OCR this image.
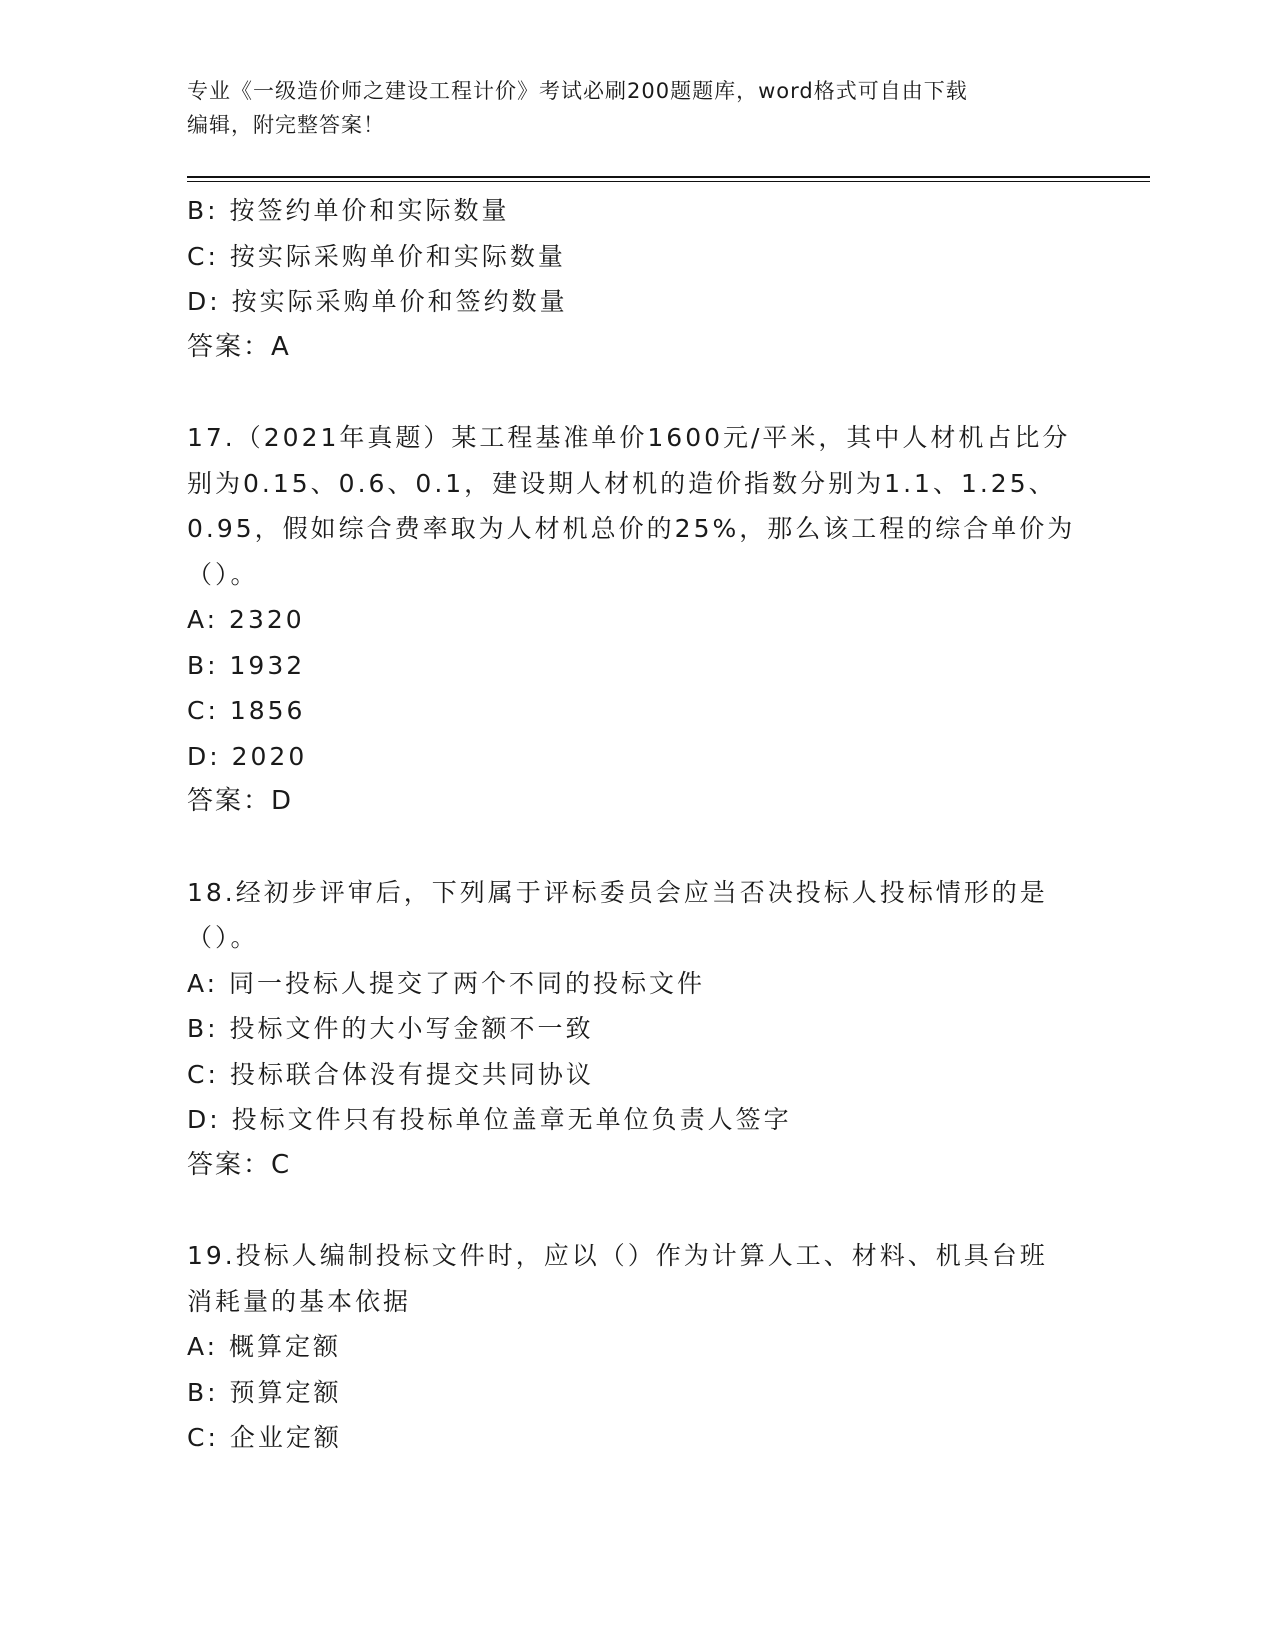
专业《一级造价师之建设工程计价》考试必刷200题题库，word格式可自由下载
编辑，附完整答案！
B: 按签约单价和实际数量
C: 按实际采购单价和实际数量
D: 按实际采购单价和签约数量
答案：A
17.（2021年真题）某工程基准单价1600元/平米，其中人材机占比分
别为0.15、0.6、0.1，建设期人材机的造价指数分别为1.1、1.25、
0.95，假如综合费率取为人材机总价的25%，那么该工程的综合单价为
（）。
A: 2320
B: 1932
C: 1856
D: 2020
答案：D
18.经初步评审后，下列属于评标委员会应当否决投标人投标情形的是
（）。
A: 同一投标人提交了两个不同的投标文件
B: 投标文件的大小写金额不一致
C: 投标联合体没有提交共同协议
D: 投标文件只有投标单位盖章无单位负责人签字
答案：C
19.投标人编制投标文件时，应以（）作为计算人工、材料、机具台班
消耗量的基本依据
A: 概算定额
B: 预算定额
C: 企业定额
